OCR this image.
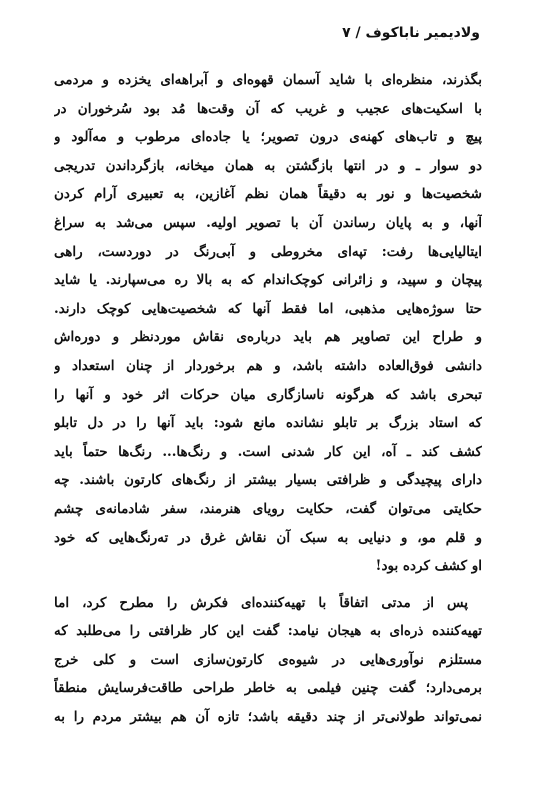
ولادیمیر ناباکوف / ۷
بگذرند، منظره‌ای با شاید آسمان قهوه‌ای و آبراهه‌ای یخزده و مردمی
با اسکیت‌های عجیب و غریب که آن وقت‌ها مُد بود سُرخوران در
پیچ و تاب‌های کهنه‌ی درون تصویر؛ یا جاده‌ای مرطوب و مه‌آلود و
دو سوار ـ و در انتها بازگشتن به همان میخانه، بازگرداندن تدریجی
شخصیت‌ها و نور به دقیقاً همان نظم آغازین، به تعبیری آرام کردن
آنها، و به پایان رساندن آن با تصویر اولیه. سپس می‌شد به سراغ
ایتالیایی‌ها رفت: تپه‌ای مخروطی و آبی‌رنگ در دوردست، راهی
پیچان و سپید، و زائرانی کوچک‌اندام که به بالا ره می‌سپارند. یا شاید
حتا سوژه‌هایی مذهبی، اما فقط آنها که شخصیت‌هایی کوچک دارند.
و طراح این تصاویر هم باید درباره‌ی نقاش موردنظر و دوره‌اش
دانشی فوق‌العاده داشته باشد، و هم برخوردار از چنان استعداد و
تبحری باشد که هرگونه ناسازگاری میان حرکات اثر خود و آنها را
که استاد بزرگ بر تابلو نشانده مانع شود: باید آنها را در دل تابلو
کشف کند ـ آه، این کار شدنی است. و رنگ‌ها... رنگ‌ها حتماً باید
دارای پیچیدگی و ظرافتی بسیار بیشتر از رنگ‌های کارتون باشند. چه
حکایتی می‌توان گفت، حکایت رویای هنرمند، سفر شادمانه‌ی چشم
و قلم مو، و دنیایی به سبک آن نقاش غرق در ته‌رنگ‌هایی که خود
او کشف کرده بود!
پس از مدتی اتفاقاً با تهیه‌کننده‌ای فکرش را مطرح کرد، اما
تهیه‌کننده ذره‌ای به هیجان نیامد: گفت این کار ظرافتی را می‌طلبد که
مستلزم نوآوری‌هایی در شیوه‌ی کارتون‌سازی است و کلی خرج
برمی‌دارد؛ گفت چنین فیلمی به خاطر طراحی طاقت‌فرسایش منطقاً
نمی‌تواند طولانی‌تر از چند دقیقه باشد؛ تازه آن هم بیشتر مردم را به
